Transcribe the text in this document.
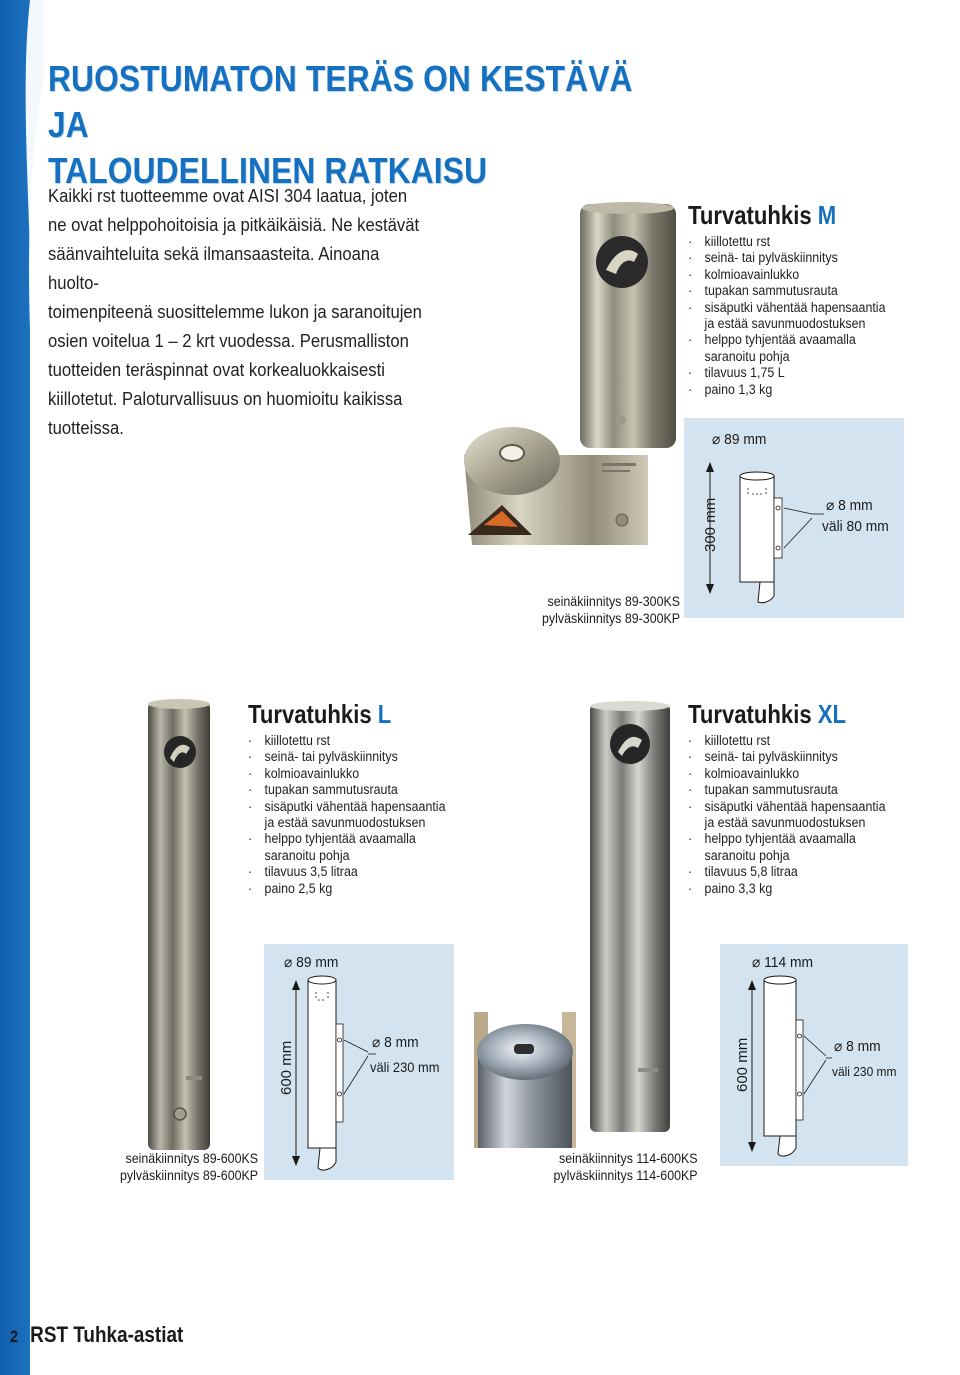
RUOSTUMATON TERÄS ON KESTÄVÄ JA
TALOUDELLINEN RATKAISU
Kaikki rst tuotteemme ovat AISI 304 laatua, joten
ne ovat helppohoitoisia ja pitkäikäisiä. Ne kestävät
säänvaihteluita sekä ilmansaasteita. Ainoana huolto-
toimenpiteenä suosittelemme lukon ja saranoitujen
osien voitelua 1 – 2 krt vuodessa. Perusmalliston
tuotteiden teräspinnat ovat korkealuokkaisesti
kiillotetut. Paloturvallisuus on huomioitu kaikissa
tuotteissa.
Turvatuhkis M
· kiillotettu rst
· seinä- tai pylväskiinnitys
· kolmioavainlukko
· tupakan sammutusrauta
· sisäputki vähentää hapensaantia
ja estää savunmuodostuksen
· helppo tyhjentää avaamalla
saranoitu pohja
· tilavuus 1,75 L
· paino 1,3 kg
⌀ 89 mm
300 mm	⌀ 8 mm
väli 80 mm
seinäkiinnitys 89-300KS
pylväskiinnitys 89-300KP
Turvatuhkis L
· kiillotettu rst
· seinä- tai pylväskiinnitys
· kolmioavainlukko
· tupakan sammutusrauta
· sisäputki vähentää hapensaantia
ja estää savunmuodostuksen
· helppo tyhjentää avaamalla
saranoitu pohja
· tilavuus 3,5 litraa
· paino 2,5 kg
⌀ 89 mm
600 mm	⌀ 8 mm
väli 230 mm
seinäkiinnitys 89-600KS
pylväskiinnitys 89-600KP
Turvatuhkis XL
· kiillotettu rst
· seinä- tai pylväskiinnitys
· kolmioavainlukko
· tupakan sammutusrauta
· sisäputki vähentää hapensaantia
ja estää savunmuodostuksen
· helppo tyhjentää avaamalla
saranoitu pohja
· tilavuus 5,8 litraa
· paino 3,3 kg
⌀ 114 mm
600 mm	⌀ 8 mm
väli 230 mm
seinäkiinnitys 114-600KS
pylväskiinnitys 114-600KP
2 RST Tuhka-astiat
